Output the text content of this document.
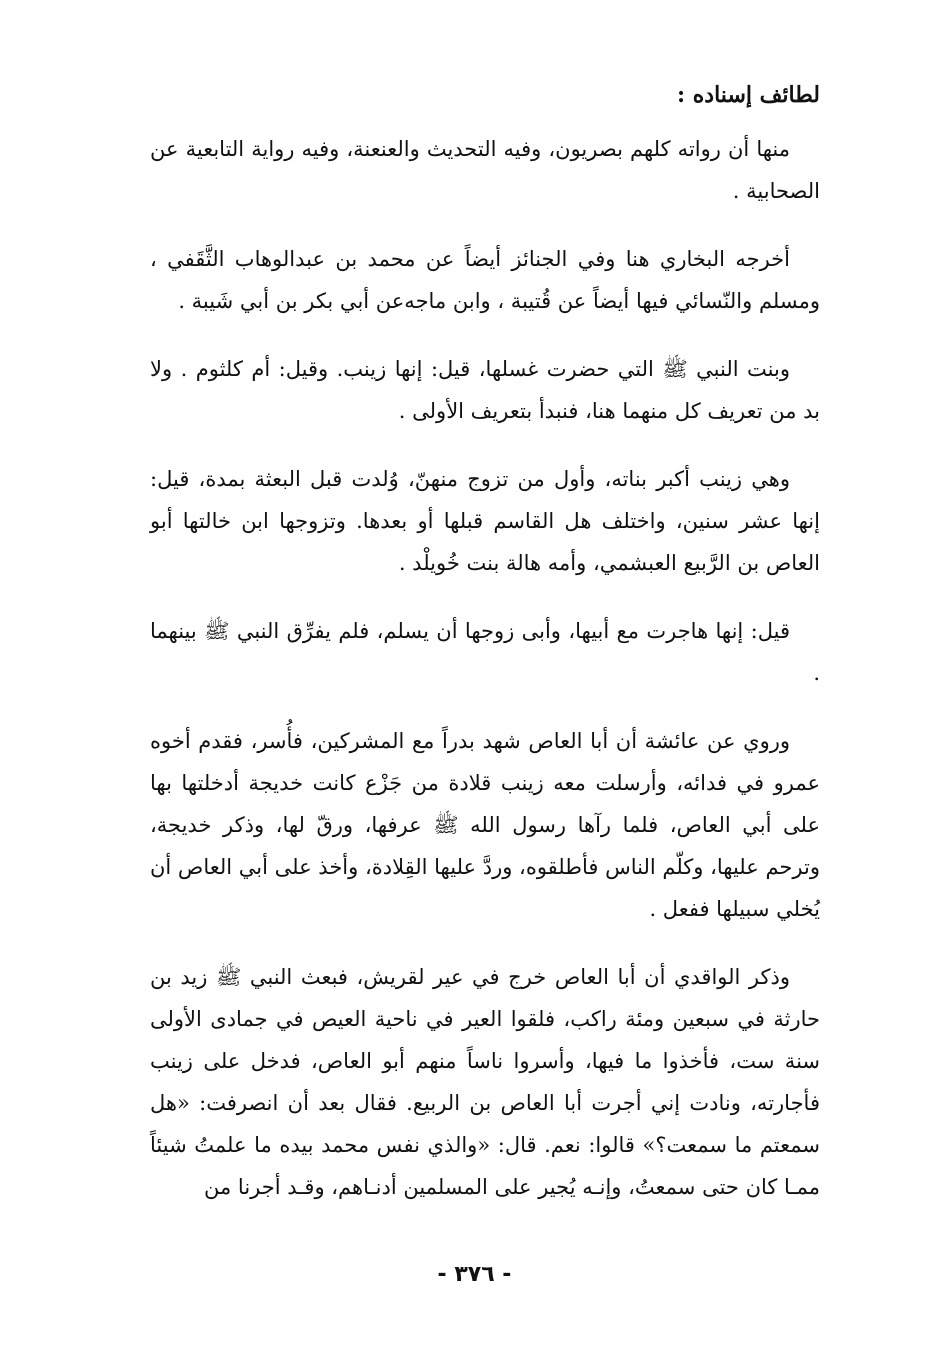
لطائف إسناده :

منها أن رواته كلهم بصريون، وفيه التحديث والعنعنة، وفيه رواية التابعية عن الصحابية .

أخرجه البخاري هنا وفي الجنائز أيضاً عن محمد بن عبدالوهاب الثَّقَفي ، ومسلم والنّسائي فيها أيضاً عن قُتيبة ، وابن ماجه‌عن أبي بكر بن أبي شَيبة .

وبنت النبي ﷺ التي حضرت غسلها، قيل: إنها زينب. وقيل: أم كلثوم . ولا بد من تعريف كل منهما هنا، فنبدأ بتعريف الأولى .

وهي زينب أكبر بناته، وأول من تزوج منهنّ، وُلدت قبل البعثة بمدة، قيل: إنها عشر سنين، واختلف هل القاسم قبلها أو بعدها. وتزوجها ابن خالتها أبو العاص بن الرَّبيع العبشمي، وأمه هالة بنت خُويلْد .

قيل: إنها هاجرت مع أبيها، وأبى زوجها أن يسلم، فلم يفرِّق النبي ﷺ بينهما .

وروي عن عائشة أن أبا العاص شهد بدراً مع المشركين، فأُسر، فقدم أخوه عمرو في فدائه، وأرسلت معه زينب قلادة من جَزْع كانت خديجة أدخلتها بها على أبي العاص، فلما رآها رسول الله ﷺ عرفها، ورقّ لها، وذكر خديجة، وترحم عليها، وكلّم الناس فأطلقوه، وردَّ عليها القِلادة، وأخذ على أبي العاص أن يُخلي سبيلها ففعل .

وذكر الواقدي أن أبا العاص خرج في عير لقريش، فبعث النبي ﷺ زيد بن حارثة في سبعين ومئة راكب، فلقوا العير في ناحية العيص في جمادى الأولى سنة ست، فأخذوا ما فيها، وأسروا ناساً منهم أبو العاص، فدخل على زينب فأجارته، ونادت إني أجرت أبا العاص بن الربيع. فقال بعد أن انصرفت: «هل سمعتم ما سمعت؟» قالوا: نعم. قال: «والذي نفس محمد بيده ما علمتُ شيئاً ممـا كان حتى سمعتُ، وإنـه يُجير على المسلمين أدنـاهم، وقـد أجرنا من

- ٣٧٦ -
